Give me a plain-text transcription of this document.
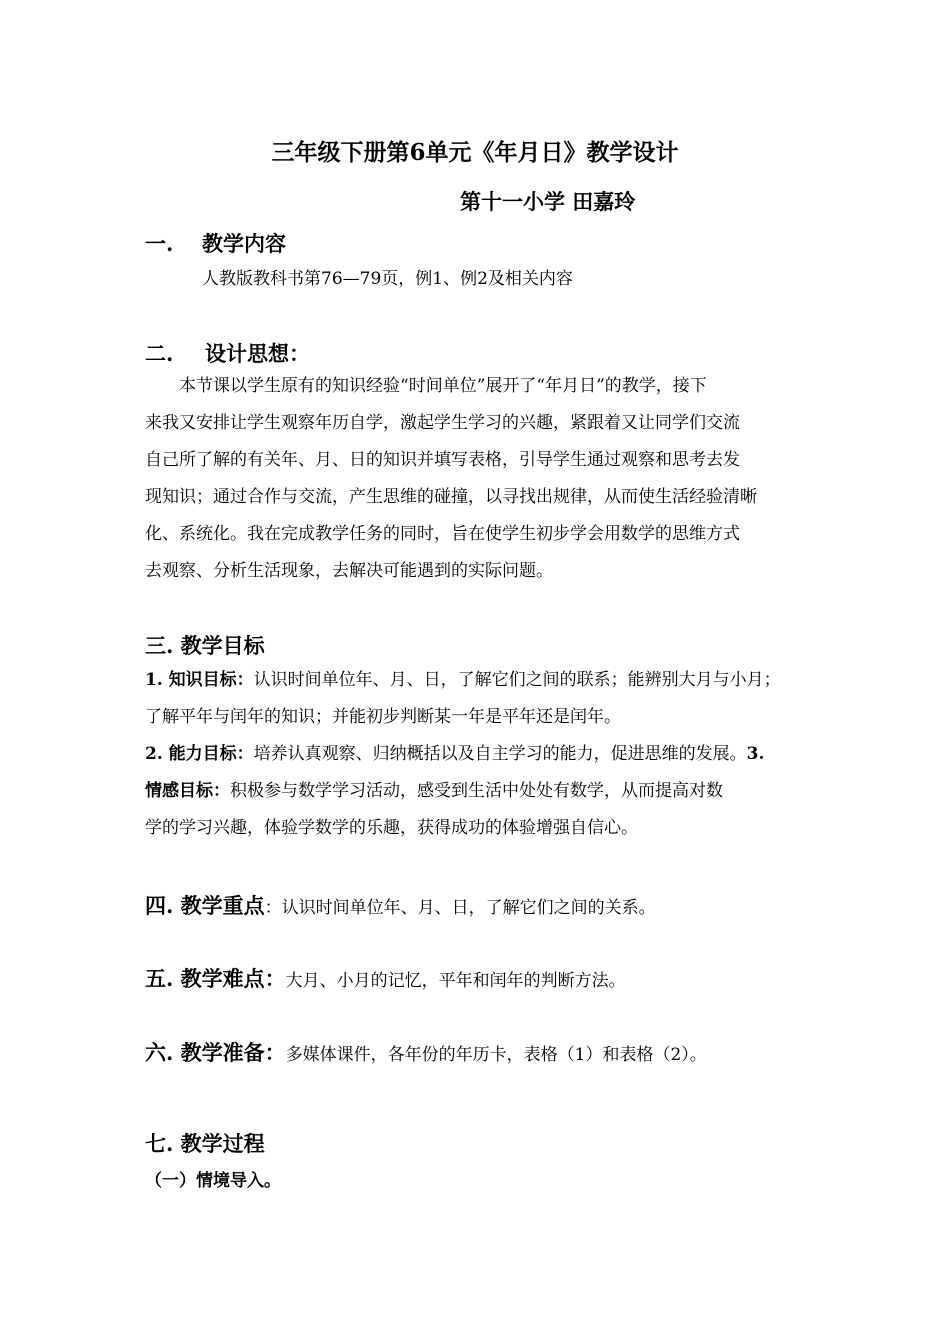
三年级下册第6单元《年月日》教学设计
第十一小学 田嘉玲
一. 教学内容
人教版教科书第76—79页，例1、例2及相关内容
二. 设计思想：
本节课以学生原有的知识经验“时间单位”展开了“年月日”的教学，接下
来我又安排让学生观察年历自学，激起学生学习的兴趣，紧跟着又让同学们交流
自己所了解的有关年、月、日的知识并填写表格，引导学生通过观察和思考去发
现知识；通过合作与交流，产生思维的碰撞，以寻找出规律，从而使生活经验清晰
化、系统化。我在完成教学任务的同时，旨在使学生初步学会用数学的思维方式
去观察、分析生活现象，去解决可能遇到的实际问题。
三. 教学目标
1. 知识目标：认识时间单位年、月、日，了解它们之间的联系；能辨别大月与小月；
了解平年与闰年的知识；并能初步判断某一年是平年还是闰年。
2. 能力目标：培养认真观察、归纳概括以及自主学习的能力，促进思维的发展。3.
情感目标：积极参与数学学习活动，感受到生活中处处有数学，从而提高对数
学的学习兴趣，体验学数学的乐趣，获得成功的体验增强自信心。
四. 教学重点：认识时间单位年、月、日，了解它们之间的关系。
五. 教学难点：大月、小月的记忆，平年和闰年的判断方法。
六. 教学准备：多媒体课件，各年份的年历卡，表格（1）和表格（2）。
七. 教学过程
（一）情境导入。
